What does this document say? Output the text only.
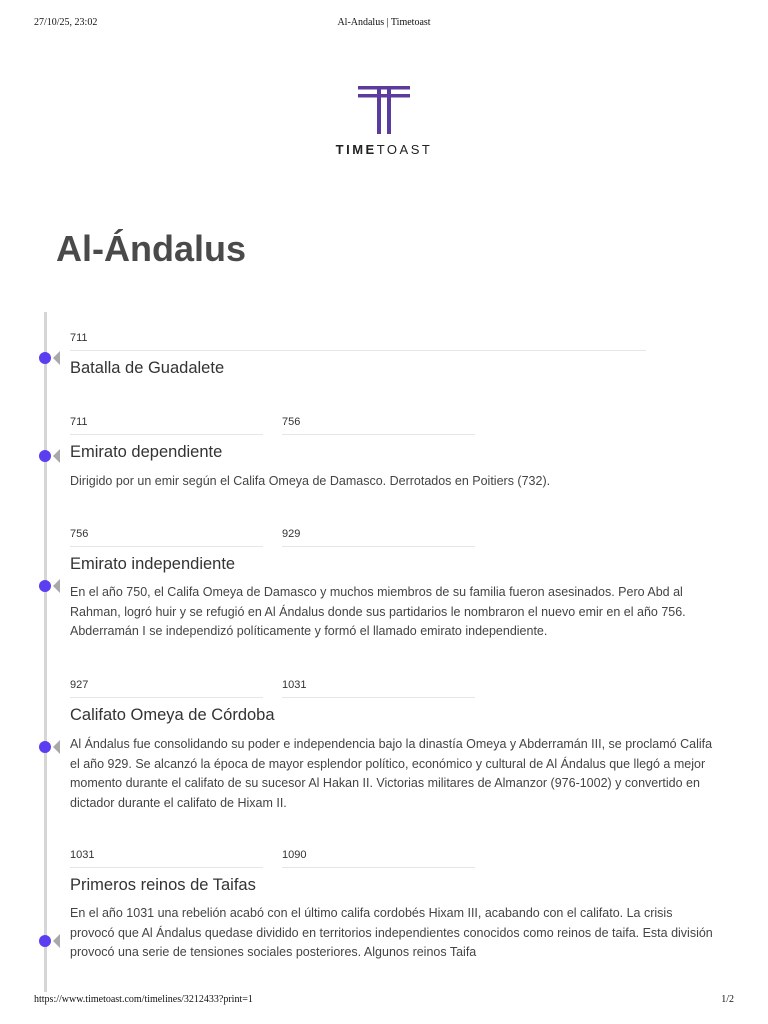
27/10/25, 23:02	Al-Andalus | Timetoast
TIMETOAST
Al-Ándalus
711
Batalla de Guadalete
711	756
Emirato dependiente
Dirigido por un emir según el Califa Omeya de Damasco. Derrotados en Poitiers (732).
756	929
Emirato independiente
En el año 750, el Califa Omeya de Damasco y muchos miembros de su familia fueron asesinados. Pero Abd al Rahman, logró huir y se refugió en Al Ándalus donde sus partidarios le nombraron el nuevo emir en el año 756. Abderramán I se independizó políticamente y formó el llamado emirato independiente.
927	1031
Califato Omeya de Córdoba
Al Ándalus fue consolidando su poder e independencia bajo la dinastía Omeya y Abderramán III, se proclamó Califa el año 929. Se alcanzó la época de mayor esplendor político, económico y cultural de Al Ándalus que llegó a mejor momento durante el califato de su sucesor Al Hakan II. Victorias militares de Almanzor (976-1002) y convertido en dictador durante el califato de Hixam II.
1031	1090
Primeros reinos de Taifas
En el año 1031 una rebelión acabó con el último califa cordobés Hixam III, acabando con el califato. La crisis provocó que Al Ándalus quedase dividido en territorios independientes conocidos como reinos de taifa. Esta división provocó una serie de tensiones sociales posteriores. Algunos reinos Taifa
https://www.timetoast.com/timelines/3212433?print=1	1/2
